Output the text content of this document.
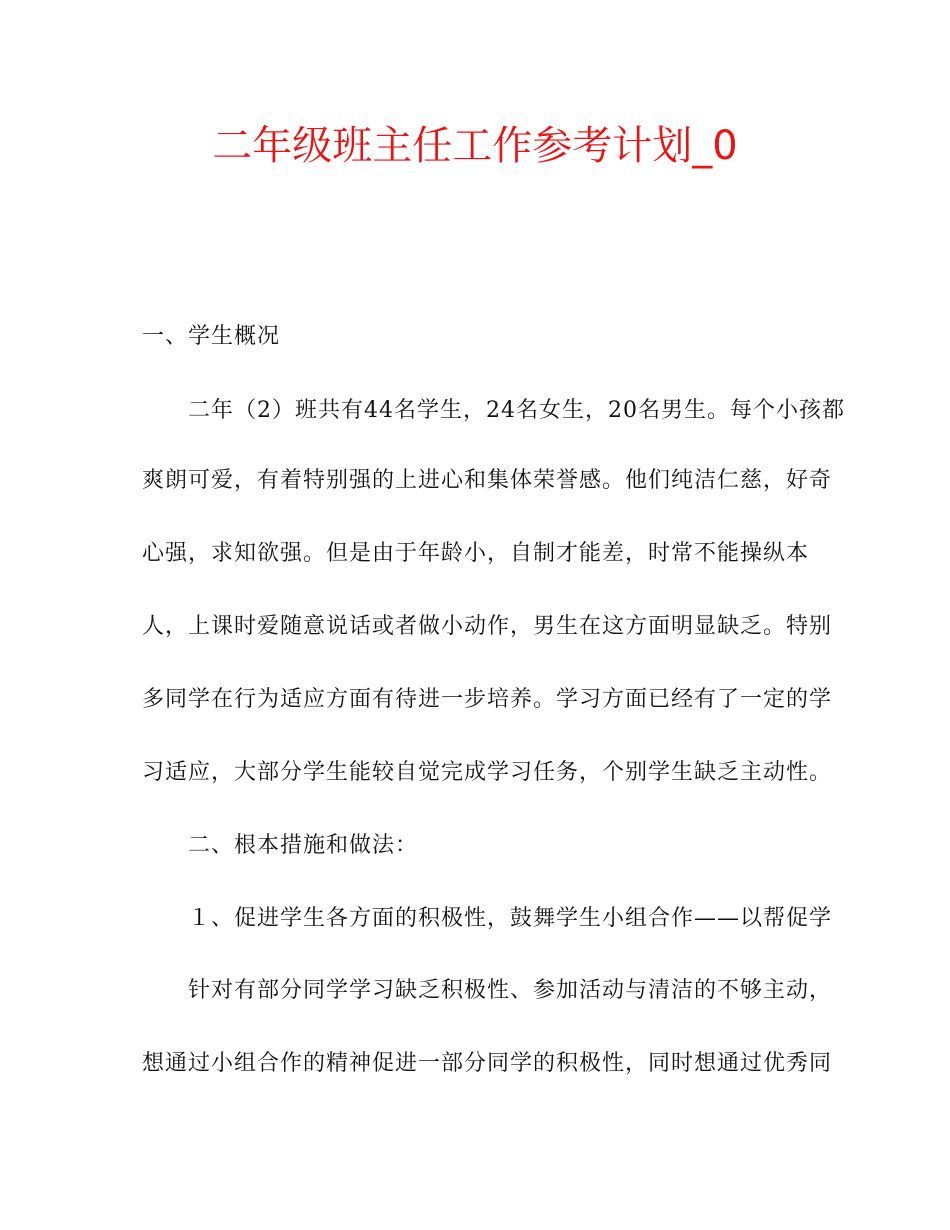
二年级班主任工作参考计划_0
一、学生概况
　　二年（2）班共有44名学生，24名女生，20名男生。每个小孩都
爽朗可爱，有着特别强的上进心和集体荣誉感。他们纯洁仁慈，好奇
心强，求知欲强。但是由于年龄小，自制才能差，时常不能操纵本
人，上课时爱随意说话或者做小动作，男生在这方面明显缺乏。特别
多同学在行为适应方面有待进一步培养。学习方面已经有了一定的学
习适应，大部分学生能较自觉完成学习任务，个别学生缺乏主动性。
　　二、根本措施和做法：
　　１、促进学生各方面的积极性，鼓舞学生小组合作——以帮促学
　　针对有部分同学学习缺乏积极性、参加活动与清洁的不够主动，
想通过小组合作的精神促进一部分同学的积极性，同时想通过优秀同
